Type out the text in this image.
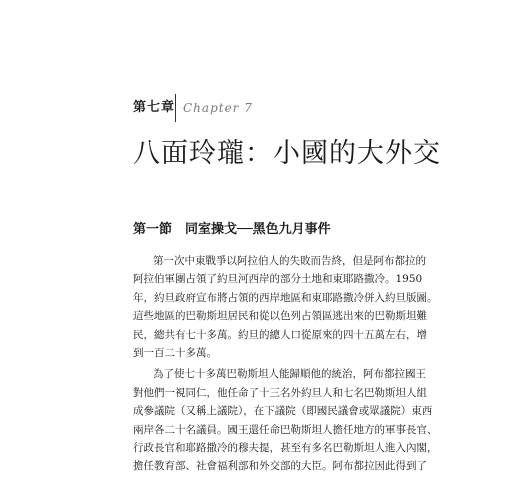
第七章 Chapter 7
八面玲瓏：小國的大外交
第一節　同室操戈──黑色九月事件
第一次中東戰爭以阿拉伯人的失敗而告終，但是阿布都拉的
阿拉伯軍團占領了約旦河西岸的部分土地和東耶路撒冷。1950
年，約旦政府宣布將占領的西岸地區和東耶路撒冷併入約旦版圖。
這些地區的巴勒斯坦居民和從以色列占領區逃出來的巴勒斯坦難
民，總共有七十多萬。約旦的總人口從原來的四十五萬左右，增
到一百二十多萬。
為了使七十多萬巴勒斯坦人能歸順他的統治，阿布都拉國王
對他們一視同仁，他任命了十三名外約旦人和七名巴勒斯坦人組
成參議院（又稱上議院），在下議院（即國民議會或眾議院）東西
兩岸各二十名議員。國王還任命巴勒斯坦人擔任地方的軍事長官、
行政長官和耶路撒冷的穆夫提，甚至有多名巴勒斯坦人進入內閣，
擔任教育部、社會福利部和外交部的大臣。阿布都拉因此得到了
